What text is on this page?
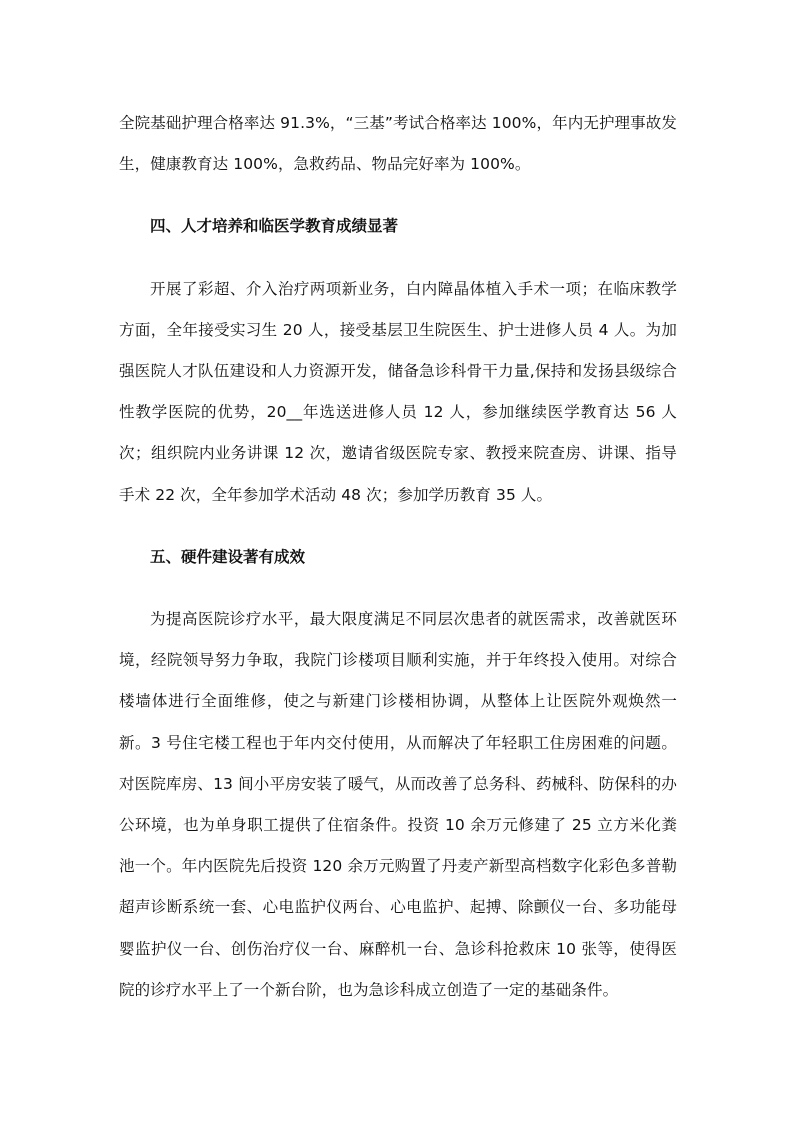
全院基础护理合格率达 91.3%，“三基”考试合格率达 100%，年内无护理事故发生，健康教育达 100%，急救药品、物品完好率为 100%。

四、人才培养和临医学教育成绩显著

开展了彩超、介入治疗两项新业务，白内障晶体植入手术一项；在临床教学方面，全年接受实习生 20 人，接受基层卫生院医生、护士进修人员 4 人。为加强医院人才队伍建设和人力资源开发，储备急诊科骨干力量,保持和发扬县级综合性教学医院的优势，20__年选送进修人员 12 人，参加继续医学教育达 56 人次；组织院内业务讲课 12 次，邀请省级医院专家、教授来院查房、讲课、指导手术 22 次，全年参加学术活动 48 次；参加学历教育 35 人。

五、硬件建设著有成效

为提高医院诊疗水平，最大限度满足不同层次患者的就医需求，改善就医环境，经院领导努力争取，我院门诊楼项目顺利实施，并于年终投入使用。对综合楼墙体进行全面维修，使之与新建门诊楼相协调，从整体上让医院外观焕然一新。3 号住宅楼工程也于年内交付使用，从而解决了年轻职工住房困难的问题。对医院库房、13 间小平房安装了暖气，从而改善了总务科、药械科、防保科的办公环境，也为单身职工提供了住宿条件。投资 10 余万元修建了 25 立方米化粪池一个。年内医院先后投资 120 余万元购置了丹麦产新型高档数字化彩色多普勒超声诊断系统一套、心电监护仪两台、心电监护、起搏、除颤仪一台、多功能母婴监护仪一台、创伤治疗仪一台、麻醉机一台、急诊科抢救床 10 张等，使得医院的诊疗水平上了一个新台阶，也为急诊科成立创造了一定的基础条件。
